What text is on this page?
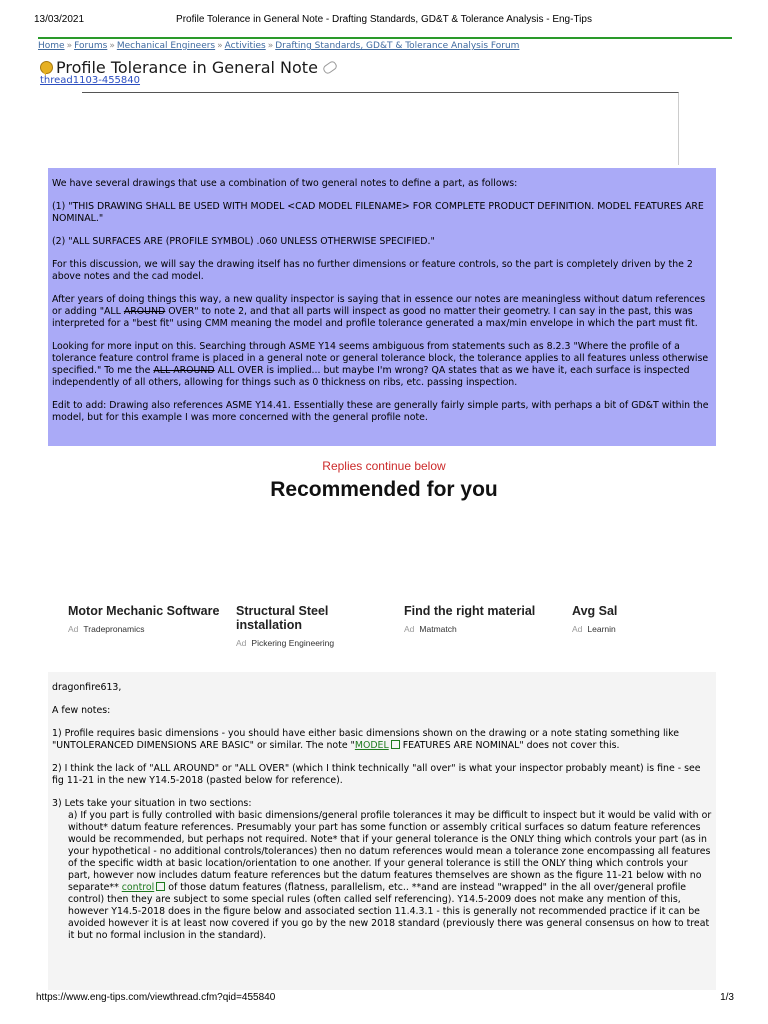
13/03/2021	Profile Tolerance in General Note - Drafting Standards, GD&T & Tolerance Analysis - Eng-Tips
Home » Forums » Mechanical Engineers » Activities » Drafting Standards, GD&T & Tolerance Analysis Forum
Profile Tolerance in General Note
thread1103-455840

We have several drawings that use a combination of two general notes to define a part, as follows:

(1) "THIS DRAWING SHALL BE USED WITH MODEL <CAD MODEL FILENAME> FOR COMPLETE PRODUCT DEFINITION. MODEL FEATURES ARE NOMINAL."

(2) "ALL SURFACES ARE (PROFILE SYMBOL) .060 UNLESS OTHERWISE SPECIFIED."

For this discussion, we will say the drawing itself has no further dimensions or feature controls, so the part is completely driven by the 2 above notes and the cad model.

After years of doing things this way, a new quality inspector is saying that in essence our notes are meaningless without datum references or adding "ALL AROUND OVER" to note 2, and that all parts will inspect as good no matter their geometry. I can say in the past, this was interpreted for a "best fit" using CMM meaning the model and profile tolerance generated a max/min envelope in which the part must fit.

Looking for more input on this. Searching through ASME Y14 seems ambiguous from statements such as 8.2.3 "Where the profile of a tolerance feature control frame is placed in a general note or general tolerance block, the tolerance applies to all features unless otherwise specified." To me the ALL AROUND ALL OVER is implied... but maybe I'm wrong? QA states that as we have it, each surface is inspected independently of all others, allowing for things such as 0 thickness on ribs, etc. passing inspection.

Edit to add: Drawing also references ASME Y14.41. Essentially these are generally fairly simple parts, with perhaps a bit of GD&T within the model, but for this example I was more concerned with the general profile note.

Replies continue below
Recommended for you
Motor Mechanic Software
Ad Tradepronamics
Structural Steel installation
Ad Pickering Engineering
Find the right material
Ad Matmatch
Avg Sal
Ad Learnin

dragonfire613,

A few notes:

1) Profile requires basic dimensions - you should have either basic dimensions shown on the drawing or a note stating something like "UNTOLERANCED DIMENSIONS ARE BASIC" or similar. The note "MODEL FEATURES ARE NOMINAL" does not cover this.

2) I think the lack of "ALL AROUND" or "ALL OVER" (which I think technically "all over" is what your inspector probably meant) is fine - see fig 11-21 in the new Y14.5-2018 (pasted below for reference).

3) Lets take your situation in two sections:

a) If you part is fully controlled with basic dimensions/general profile tolerances it may be difficult to inspect but it would be valid with or without* datum feature references. Presumably your part has some function or assembly critical surfaces so datum feature references would be recommended, but perhaps not required. Note* that if your general tolerance is the ONLY thing which controls your part (as in your hypothetical - no additional controls/tolerances) then no datum references would mean a tolerance zone encompassing all features of the specific width at basic location/orientation to one another. If your general tolerance is still the ONLY thing which controls your part, however now includes datum feature references but the datum features themselves are shown as the figure 11-21 below with no separate** control of those datum features (flatness, parallelism, etc.. **and are instead "wrapped" in the all over/general profile control) then they are subject to some special rules (often called self referencing). Y14.5-2009 does not make any mention of this, however Y14.5-2018 does in the figure below and associated section 11.4.3.1 - this is generally not recommended practice if it can be avoided however it is at least now covered if you go by the new 2018 standard (previously there was general consensus on how to treat it but no formal inclusion in the standard).

https://www.eng-tips.com/viewthread.cfm?qid=455840	1/3
